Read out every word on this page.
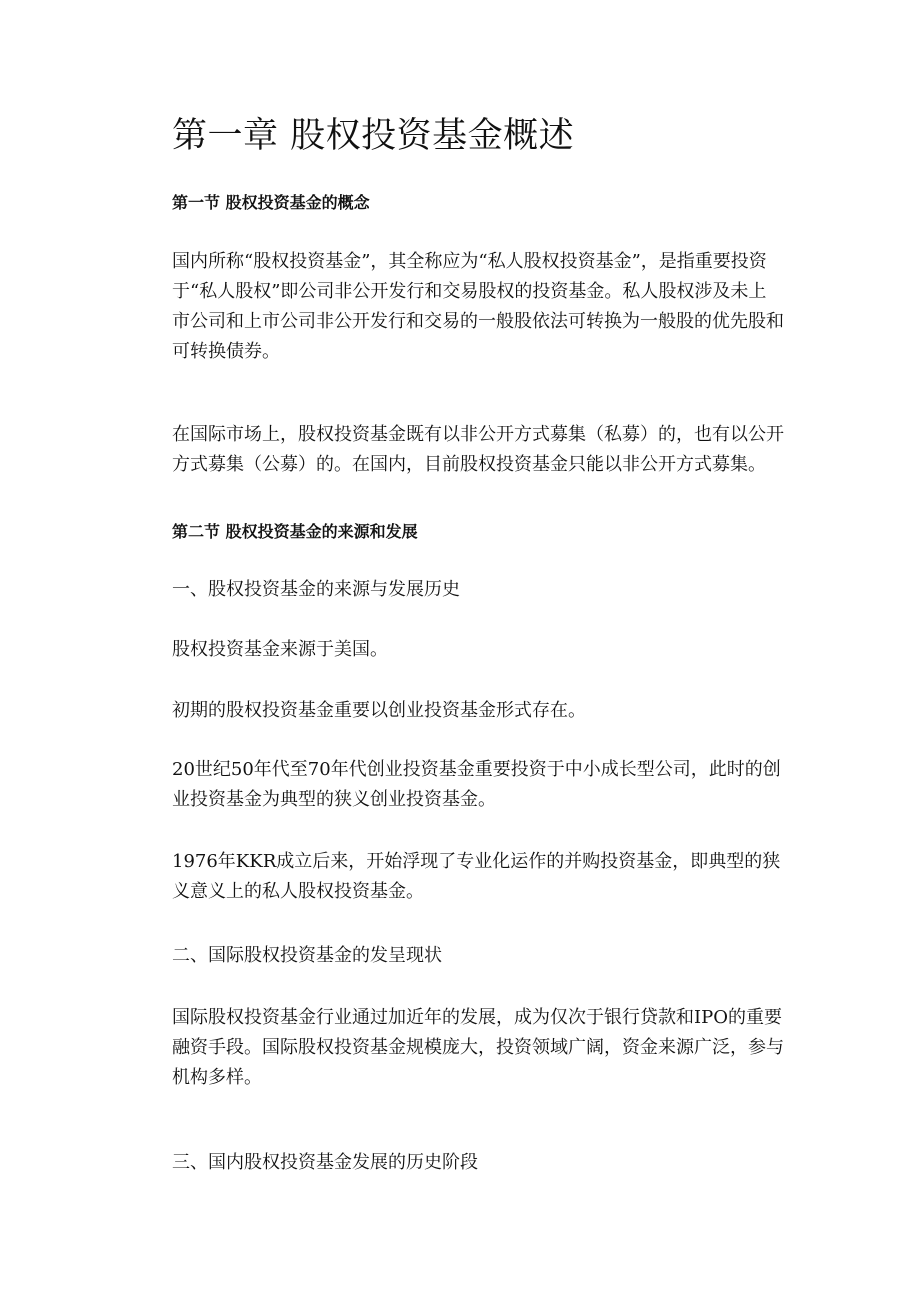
第一章 股权投资基金概述
第一节 股权投资基金的概念

国内所称“股权投资基金”，其全称应为“私人股权投资基金”，是指重要投资于“私人股权”即公司非公开发行和交易股权的投资基金。私人股权涉及未上市公司和上市公司非公开发行和交易的一般股依法可转换为一般股的优先股和可转换债券。

在国际市场上，股权投资基金既有以非公开方式募集（私募）的，也有以公开方式募集（公募）的。在国内，目前股权投资基金只能以非公开方式募集。

第二节 股权投资基金的来源和发展

一、股权投资基金的来源与发展历史

股权投资基金来源于美国。

初期的股权投资基金重要以创业投资基金形式存在。

20世纪50年代至70年代创业投资基金重要投资于中小成长型公司，此时的创业投资基金为典型的狭义创业投资基金。

1976年KKR成立后来，开始浮现了专业化运作的并购投资基金，即典型的狭义意义上的私人股权投资基金。

二、国际股权投资基金的发呈现状

国际股权投资基金行业通过加近年的发展，成为仅次于银行贷款和IPO的重要融资手段。国际股权投资基金规模庞大，投资领域广阔，资金来源广泛，参与机构多样。

三、国内股权投资基金发展的历史阶段
